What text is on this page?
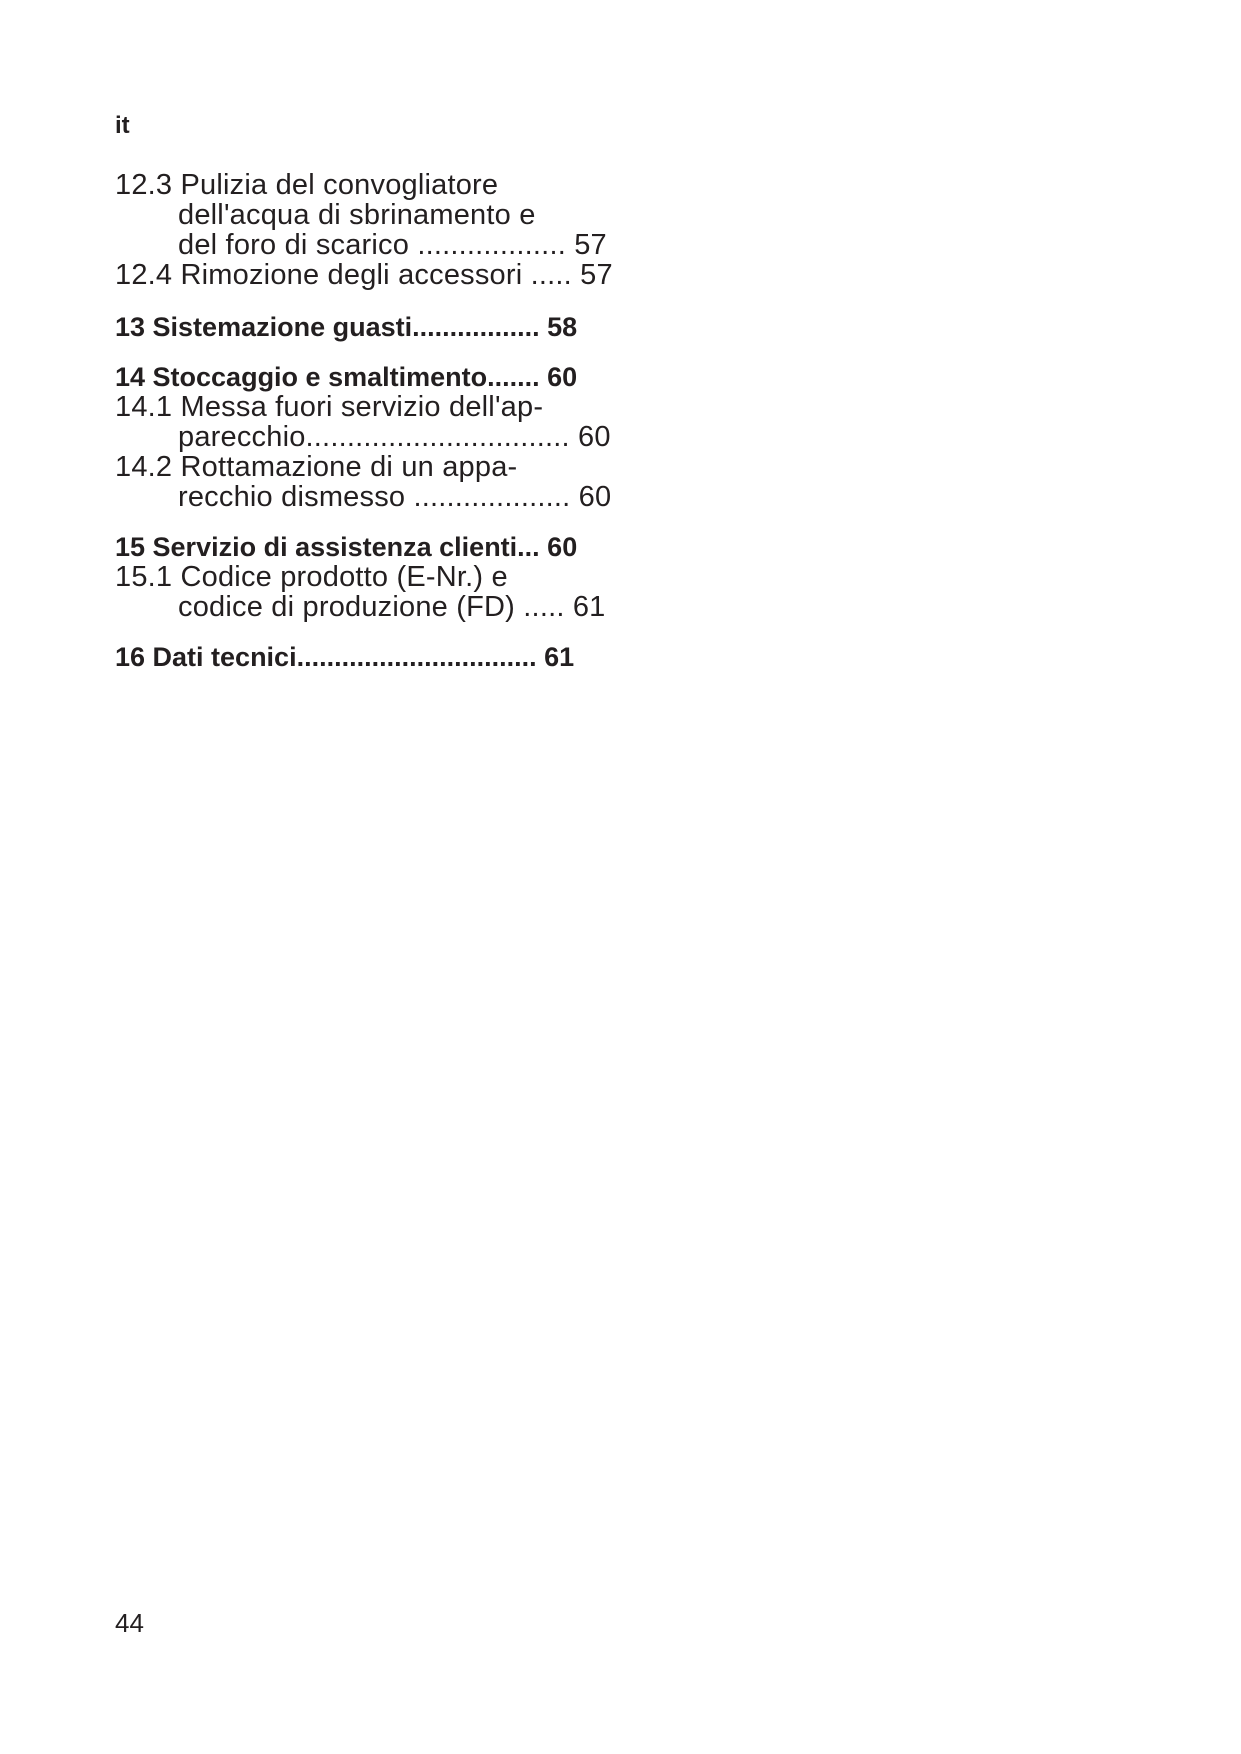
it
12.3 Pulizia del convogliatore
dell'acqua di sbrinamento e
del foro di scarico .................. 57
12.4 Rimozione degli accessori ..... 57
13 Sistemazione guasti................. 58
14 Stoccaggio e smaltimento....... 60
14.1 Messa fuori servizio dell'ap-
parecchio................................ 60
14.2 Rottamazione di un appa-
recchio dismesso ................... 60
15 Servizio di assistenza clienti... 60
15.1 Codice prodotto (E-Nr.) e
codice di produzione (FD) ..... 61
16 Dati tecnici................................ 61
44
